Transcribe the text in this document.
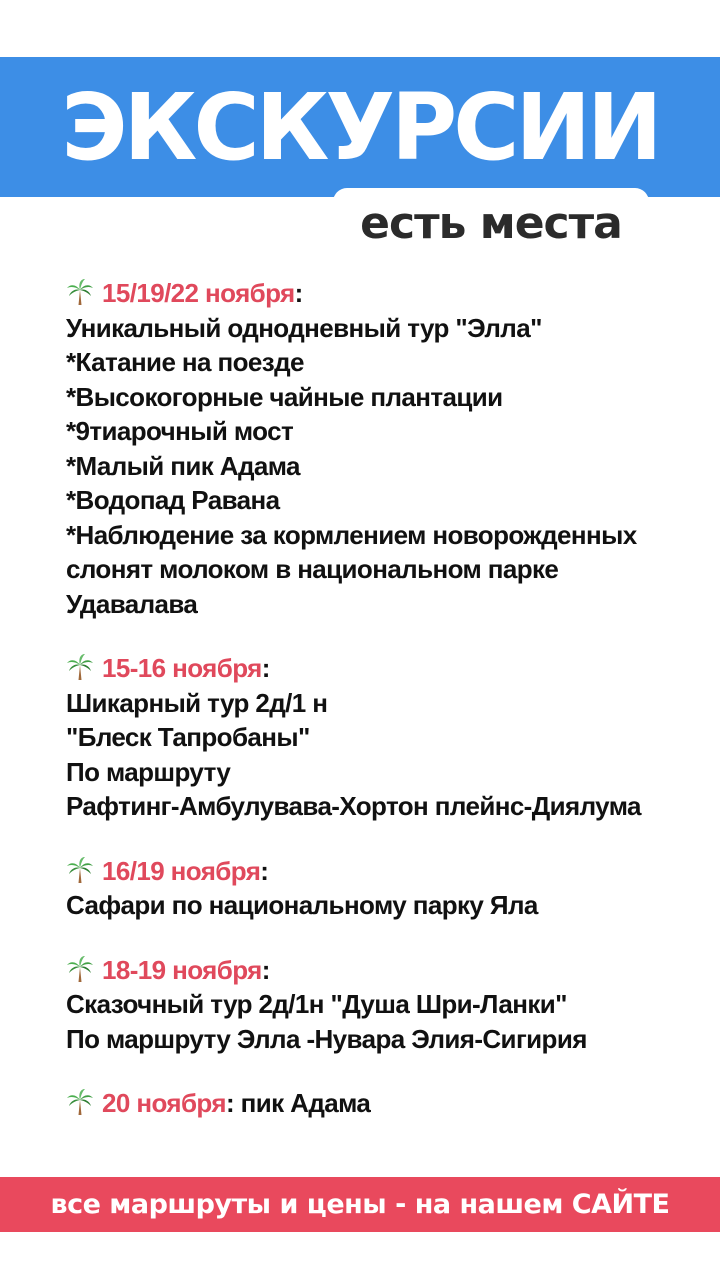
ЭКСКУРСИИ
есть места
15/19/22 ноября:
Уникальный однодневный тур "Элла"
*Катание на поезде
*Высокогорные чайные плантации
*9тиарочный мост
*Малый пик Адама
*Водопад Равана
*Наблюдение за кормлением новорожденных
слонят молоком в национальном парке
Удавалава
15-16 ноября:
Шикарный тур 2д/1 н
"Блеск Тапробаны"
По маршруту
Рафтинг-Амбулувава-Хортон плейнс-Диялума
16/19 ноября:
Сафари по национальному парку Яла
18-19 ноября:
Сказочный тур 2д/1н "Душа Шри-Ланки"
По маршруту Элла -Нувара Элия-Сигирия
20 ноября: пик Адама
все маршруты и цены - на нашем САЙТЕ
